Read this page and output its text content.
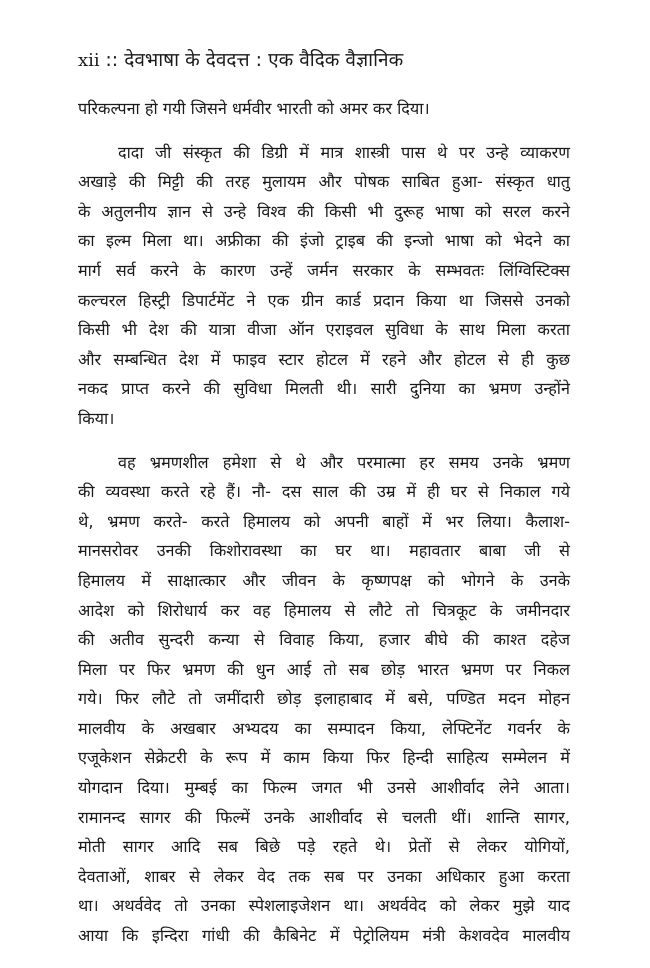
xii :: देवभाषा के देवदत्त : एक वैदिक वैज्ञानिक
परिकल्पना हो गयी जिसने धर्मवीर भारती को अमर कर दिया।
दादा जी संस्कृत की डिग्री में मात्र शास्त्री पास थे पर उन्हे व्याकरण
अखाड़े की मिट्टी की तरह मुलायम और पोषक साबित हुआ- संस्कृत धातु
के अतुलनीय ज्ञान से उन्हे विश्व की किसी भी दुरूह भाषा को सरल करने
का इल्म मिला था। अफ्रीका की इंजो ट्राइब की इन्जो भाषा को भेदने का
मार्ग सर्व करने के कारण उन्हें जर्मन सरकार के सम्भवतः लिंग्विस्टिक्स
कल्चरल हिस्ट्री डिपार्टमेंट ने एक ग्रीन कार्ड प्रदान किया था जिससे उनको
किसी भी देश की यात्रा वीजा ऑन एराइवल सुविधा के साथ मिला करता
और सम्बन्धित देश में फाइव स्टार होटल में रहने और होटल से ही कुछ
नकद प्राप्त करने की सुविधा मिलती थी। सारी दुनिया का भ्रमण उन्होंने
किया।
वह भ्रमणशील हमेशा से थे और परमात्मा हर समय उनके भ्रमण
की व्यवस्था करते रहे हैं। नौ- दस साल की उम्र में ही घर से निकाल गये
थे, भ्रमण करते- करते हिमालय को अपनी बाहों में भर लिया। कैलाश-
मानसरोवर उनकी किशोरावस्था का घर था। महावतार बाबा जी से
हिमालय में साक्षात्कार और जीवन के कृष्णपक्ष को भोगने के उनके
आदेश को शिरोधार्य कर वह हिमालय से लौटे तो चित्रकूट के जमीनदार
की अतीव सुन्दरी कन्या से विवाह किया, हजार बीघे की काश्त दहेज
मिला पर फिर भ्रमण की धुन आई तो सब छोड़ भारत भ्रमण पर निकल
गये। फिर लौटे तो जमींदारी छोड़ इलाहाबाद में बसे, पण्डित मदन मोहन
मालवीय के अखबार अभ्यदय का सम्पादन किया, लेफ्टिनेंट गवर्नर के
एजूकेशन सेक्रेटरी के रूप में काम किया फिर हिन्दी साहित्य सम्मेलन में
योगदान दिया। मुम्बई का फिल्म जगत भी उनसे आशीर्वाद लेने आता।
रामानन्द सागर की फिल्में उनके आशीर्वाद से चलती थीं। शान्ति सागर,
मोती सागर आदि सब बिछे पड़े रहते थे। प्रेतों से लेकर योगियों,
देवताओं, शाबर से लेकर वेद तक सब पर उनका अधिकार हुआ करता
था। अथर्ववेद तो उनका स्पेशलाइजेशन था। अथर्ववेद को लेकर मुझे याद
आया कि इन्दिरा गांधी की कैबिनेट में पेट्रोलियम मंत्री केशवदेव मालवीय
